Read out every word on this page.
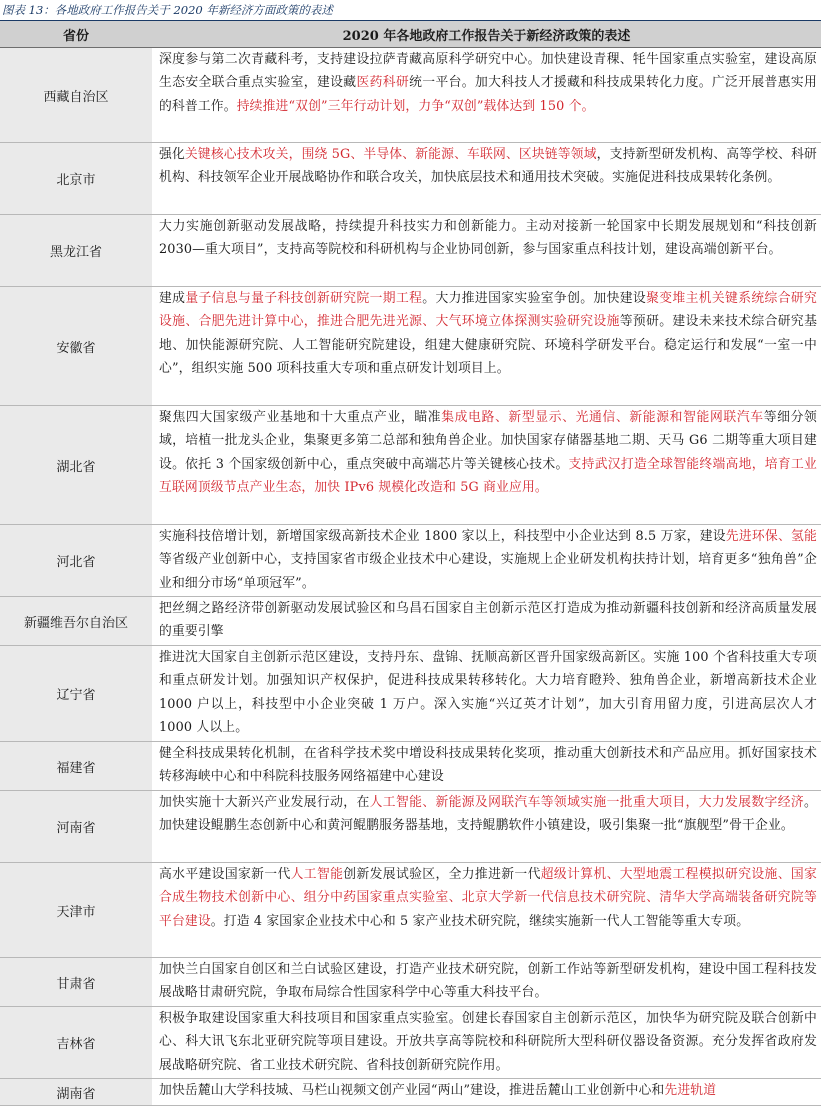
图表 13：各地政府工作报告关于 2020 年新经济方面政策的表述
省份	2020 年各地政府工作报告关于新经济政策的表述
西藏自治区
深度参与第二次青藏科考，支持建设拉萨青藏高原科学研究中心。加快建设青稞、牦牛国家重点实验室，建设高原生态安全联合重点实验室，建设藏医药科研统一平台。加大科技人才援藏和科技成果转化力度。广泛开展普惠实用的科普工作。持续推进“双创”三年行动计划，力争“双创”载体达到 150 个。
北京市
强化关键核心技术攻关，围绕 5G、半导体、新能源、车联网、区块链等领域，支持新型研发机构、高等学校、科研机构、科技领军企业开展战略协作和联合攻关，加快底层技术和通用技术突破。实施促进科技成果转化条例。
黑龙江省
大力实施创新驱动发展战略，持续提升科技实力和创新能力。主动对接新一轮国家中长期发展规划和“科技创新 2030—重大项目”，支持高等院校和科研机构与企业协同创新，参与国家重点科技计划，建设高端创新平台。
安徽省
建成量子信息与量子科技创新研究院一期工程。大力推进国家实验室争创。加快建设聚变堆主机关键系统综合研究设施、合肥先进计算中心，推进合肥先进光源、大气环境立体探测实验研究设施等预研。建设未来技术综合研究基地、加快能源研究院、人工智能研究院建设，组建大健康研究院、环境科学研发平台。稳定运行和发展“一室一中心”，组织实施 500 项科技重大专项和重点研发计划项目上。
湖北省
聚焦四大国家级产业基地和十大重点产业，瞄准集成电路、新型显示、光通信、新能源和智能网联汽车等细分领域，培植一批龙头企业，集聚更多第二总部和独角兽企业。加快国家存储器基地二期、天马 G6 二期等重大项目建设。依托 3 个国家级创新中心，重点突破中高端芯片等关键核心技术。支持武汉打造全球智能终端高地，培育工业互联网顶级节点产业生态，加快 IPv6 规模化改造和 5G 商业应用。
河北省
实施科技倍增计划，新增国家级高新技术企业 1800 家以上，科技型中小企业达到 8.5 万家，建设先进环保、氢能等省级产业创新中心，支持国家省市级企业技术中心建设，实施规上企业研发机构扶持计划，培育更多“独角兽”企业和细分市场“单项冠军”。
新疆维吾尔自治区
把丝绸之路经济带创新驱动发展试验区和乌昌石国家自主创新示范区打造成为推动新疆科技创新和经济高质量发展的重要引擎
辽宁省
推进沈大国家自主创新示范区建设，支持丹东、盘锦、抚顺高新区晋升国家级高新区。实施 100 个省科技重大专项和重点研发计划。加强知识产权保护，促进科技成果转移转化。大力培育瞪羚、独角兽企业，新增高新技术企业 1000 户以上，科技型中小企业突破 1 万户。深入实施“兴辽英才计划”，加大引育用留力度，引进高层次人才 1000 人以上。
福建省
健全科技成果转化机制，在省科学技术奖中增设科技成果转化奖项，推动重大创新技术和产品应用。抓好国家技术转移海峡中心和中科院科技服务网络福建中心建设
河南省
加快实施十大新兴产业发展行动，在人工智能、新能源及网联汽车等领域实施一批重大项目，大力发展数字经济。加快建设鲲鹏生态创新中心和黄河鲲鹏服务器基地，支持鲲鹏软件小镇建设，吸引集聚一批“旗舰型”骨干企业。
天津市
高水平建设国家新一代人工智能创新发展试验区，全力推进新一代超级计算机、大型地震工程模拟研究设施、国家合成生物技术创新中心、组分中药国家重点实验室、北京大学新一代信息技术研究院、清华大学高端装备研究院等平台建设。打造 4 家国家企业技术中心和 5 家产业技术研究院，继续实施新一代人工智能等重大专项。
甘肃省
加快兰白国家自创区和兰白试验区建设，打造产业技术研究院，创新工作站等新型研发机构，建设中国工程科技发展战略甘肃研究院，争取布局综合性国家科学中心等重大科技平台。
吉林省
积极争取建设国家重大科技项目和国家重点实验室。创建长春国家自主创新示范区，加快华为研究院及联合创新中心、科大讯飞东北亚研究院等项目建设。开放共享高等院校和科研院所大型科研仪器设备资源。充分发挥省政府发展战略研究院、省工业技术研究院、省科技创新研究院作用。
湖南省	加快岳麓山大学科技城、马栏山视频文创产业园“两山”建设，推进岳麓山工业创新中心和先进轨道
